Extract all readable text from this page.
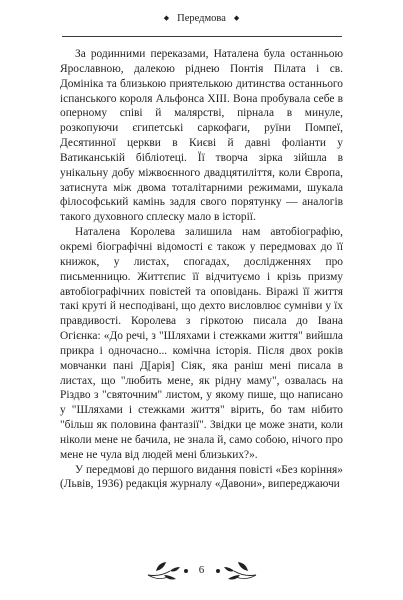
◆ Передмова ◆

За родинними переказами, Наталена була останньою Ярославною, далекою ріднею Понтія Пілата і св. Домініка та близькою приятелькою дитинства останнього іспанського короля Альфонса XIII. Вона пробувала себе в оперному співі й малярстві, пірнала в минуле, розкопуючи єгипетські саркофаги, руїни Помпеї, Десятинної церкви в Києві й давні фоліанти у Ватиканській бібліотеці. Її творча зірка зійшла в унікальну добу міжвоєнного двадцятиліття, коли Європа, затиснута між двома тоталітарними режимами, шукала філософський камінь задля свого порятунку — аналогів такого духовного сплеску мало в історії.

Наталена Королева залишила нам автобіографію, окремі біографічні відомості є також у передмовах до її книжок, у листах, спогадах, дослідженнях про письменницю. Життєпис її відчитуємо і крізь призму автобіографічних повістей та оповідань. Віражі її життя такі круті й несподівані, що дехто висловлює сумніви у їх правдивості. Королева з гіркотою писала до Івана Огієнка: «До речі, з "Шляхами і стежками життя" вийшла прикра і одночасно... комічна історія. Після двох років мовчанки пані Д[арія] Сіяк, яка раніш мені писала в листах, що "любить мене, як рідну маму", озвалась на Різдво з "святочним" листом, у якому пише, що написано у "Шляхами і стежками життя" вірить, бо там нібито "більш як половина фантазії". Звідки це може знати, коли ніколи мене не бачила, не знала й, само собою, нічого про мене не чула від людей мені близьких?».

У передмові до першого видання повісті «Без коріння» (Львів, 1936) редакція журналу «Давони», випереджаючи

6
